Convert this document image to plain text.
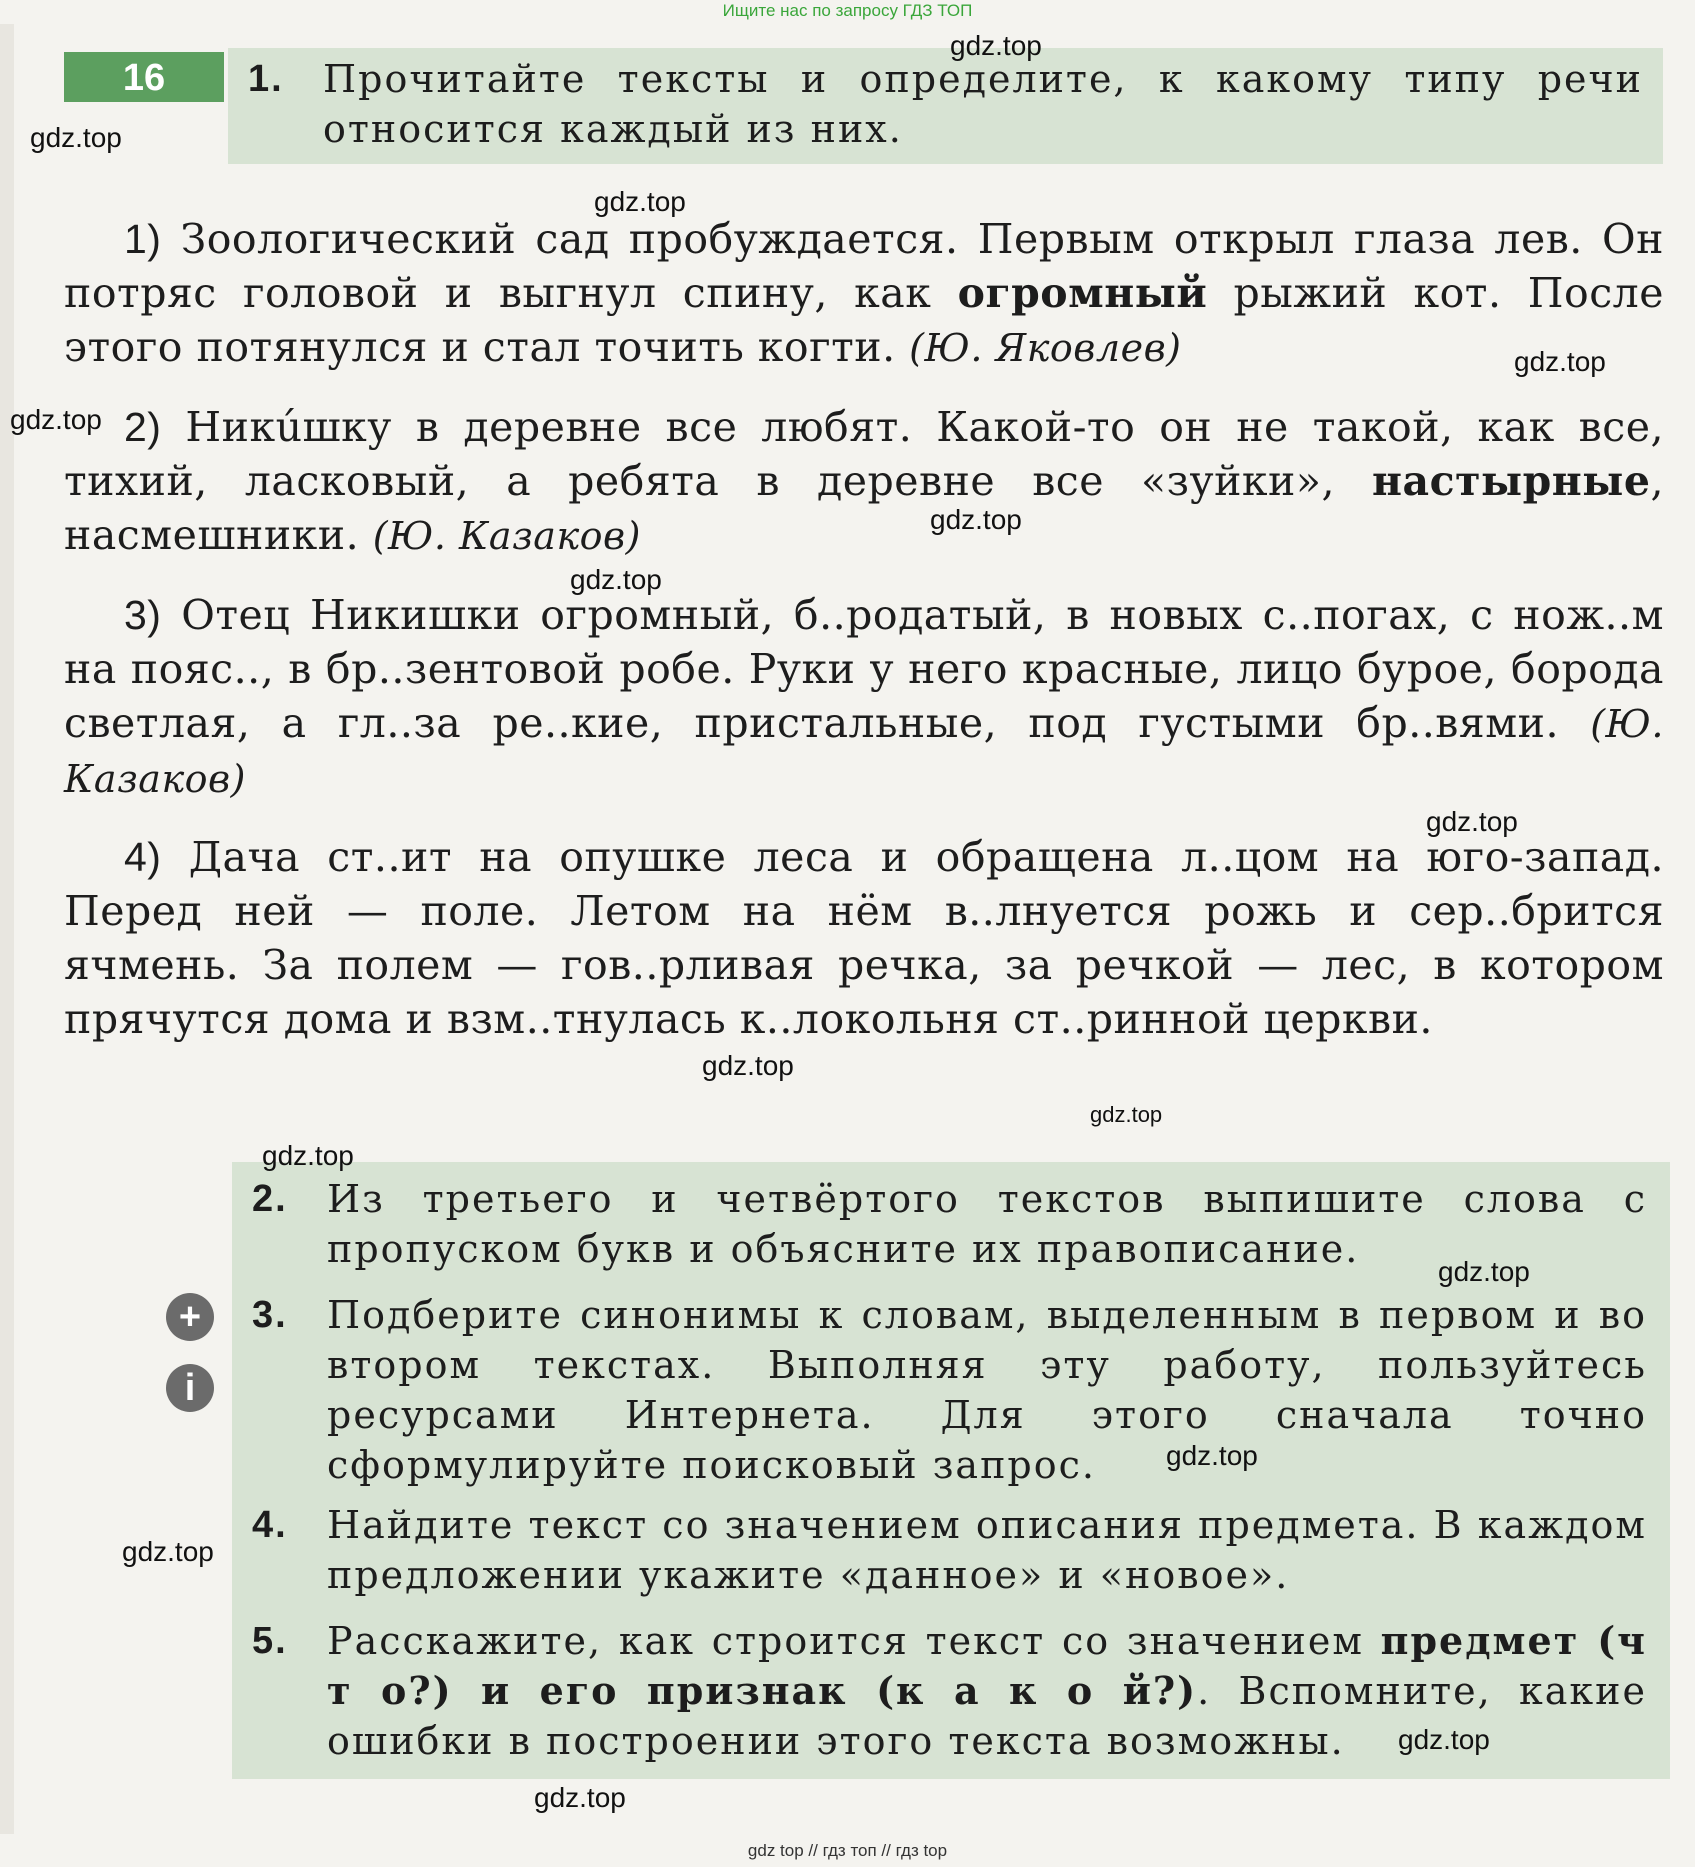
Ищите нас по запросу ГДЗ ТОП
16	1.	Прочитайте тексты и определите, к какому типу речи относится каждый из них.
1) Зоологический сад пробуждается. Первым открыл глаза лев. Он потряс головой и выгнул спину, как огромный рыжий кот. После этого потянулся и стал точить когти. (Ю. Яковлев)
2) Никúшку в деревне все любят. Какой-то он не такой, как все, тихий, ласковый, а ребята в деревне все «зуйки», настырные, насмешники. (Ю. Казаков)
3) Отец Никишки огромный, б..родатый, в новых с..погах, с нож..м на пояс.., в бр..зентовой робе. Руки у него красные, лицо бурое, борода светлая, а гл..за ре..кие, пристальные, под густыми бр..вями. (Ю. Казаков)
4) Дача ст..ит на опушке леса и обращена л..цом на юго-запад. Перед ней — поле. Летом на нём в..лнуется рожь и сер..брится ячмень. За полем — гов..рливая речка, за речкой — лес, в котором прячутся дома и взм..тнулась к..локольня ст..ринной церкви.
2.	Из третьего и четвёртого текстов выпишите слова с пропуском букв и объясните их правописание.
3.	Подберите синонимы к словам, выделенным в первом и во втором текстах. Выполняя эту работу, пользуйтесь ресурсами Интернета. Для этого сначала точно сформулируйте поисковый запрос.
4.	Найдите текст со значением описания предмета. В каждом предложении укажите «данное» и «новое».
5.	Расскажите, как строится текст со значением предмет (ч т о?) и его признак (к а к о й?). Вспомните, какие ошибки в построении этого текста возможны.
+
i
gdz.top
gdz.top
gdz.top
gdz.top
gdz.top
gdz.top
gdz.top
gdz.top
gdz.top
gdz.top
gdz.top
gdz.top
gdz.top
gdz.top
gdz.top
gdz.top
gdz top // гдз топ // гдз top
